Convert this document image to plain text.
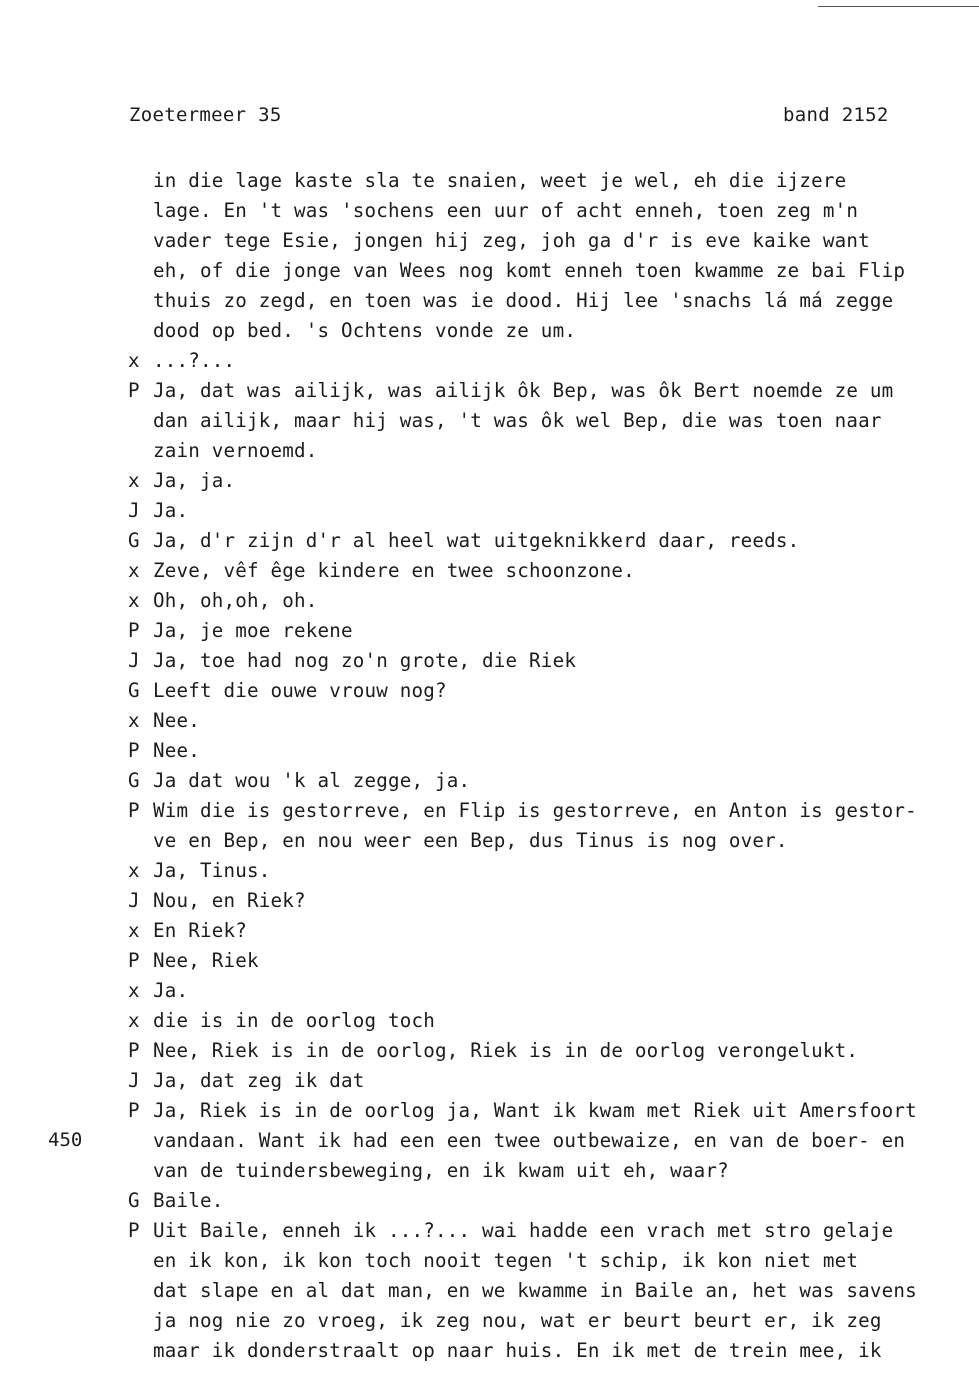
Zoetermeer 35	band 2152
450
in die lage kaste sla te snaien, weet je wel, eh die ijzere
lage. En 't was 'sochens een uur of acht enneh, toen zeg m'n
vader tege Esie, jongen hij zeg, joh ga d'r is eve kaike want
eh, of die jonge van Wees nog komt enneh toen kwamme ze bai Flip
thuis zo zegd, en toen was ie dood. Hij lee 'snachs lá má zegge
dood op bed. 's Ochtens vonde ze um.
x ...?...
P Ja, dat was ailijk, was ailijk ôk Bep, was ôk Bert noemde ze um
dan ailijk, maar hij was, 't was ôk wel Bep, die was toen naar
zain vernoemd.
x Ja, ja.
J Ja.
G Ja, d'r zijn d'r al heel wat uitgeknikkerd daar, reeds.
x Zeve, vêf êge kindere en twee schoonzone.
x Oh, oh,oh, oh.
P Ja, je moe rekene
J Ja, toe had nog zo'n grote, die Riek
G Leeft die ouwe vrouw nog?
x Nee.
P Nee.
G Ja dat wou 'k al zegge, ja.
P Wim die is gestorreve, en Flip is gestorreve, en Anton is gestor-
ve en Bep, en nou weer een Bep, dus Tinus is nog over.
x Ja, Tinus.
J Nou, en Riek?
x En Riek?
P Nee, Riek
x Ja.
x die is in de oorlog toch
P Nee, Riek is in de oorlog, Riek is in de oorlog verongelukt.
J Ja, dat zeg ik dat
P Ja, Riek is in de oorlog ja, Want ik kwam met Riek uit Amersfoort
vandaan. Want ik had een een twee outbewaize, en van de boer- en
van de tuindersbeweging, en ik kwam uit eh, waar?
G Baile.
P Uit Baile, enneh ik ...?... wai hadde een vrach met stro gelaje
en ik kon, ik kon toch nooit tegen 't schip, ik kon niet met
dat slape en al dat man, en we kwamme in Baile an, het was savens
ja nog nie zo vroeg, ik zeg nou, wat er beurt beurt er, ik zeg
maar ik donderstraalt op naar huis. En ik met de trein mee, ik
